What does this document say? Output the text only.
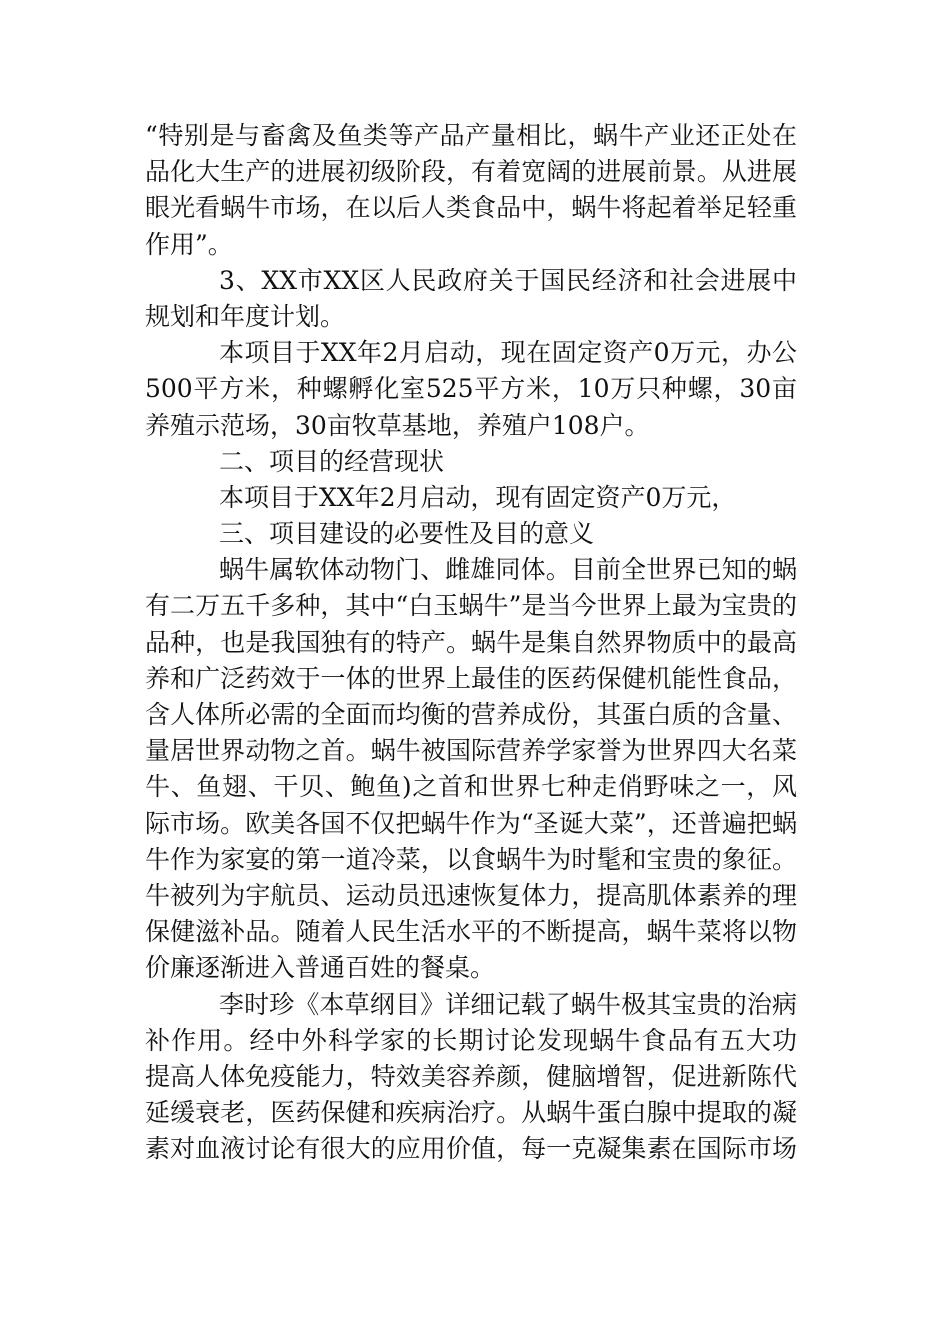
“特别是与畜禽及鱼类等产品产量相比，蜗牛产业还正处在
品化大生产的进展初级阶段，有着宽阔的进展前景。从进展
眼光看蜗牛市场，在以后人类食品中，蜗牛将起着举足轻重
作用”。
3、XX市XX区人民政府关于国民经济和社会进展中
规划和年度计划。
本项目于XX年2月启动，现在固定资产0万元，办公
500平方米，种螺孵化室525平方米，10万只种螺，30亩
养殖示范场，30亩牧草基地，养殖户108户。
二、项目的经营现状
本项目于XX年2月启动，现有固定资产0万元，
三、项目建设的必要性及目的意义
蜗牛属软体动物门、雌雄同体。目前全世界已知的蜗
有二万五千多种，其中“白玉蜗牛”是当今世界上最为宝贵的
品种，也是我国独有的特产。蜗牛是集自然界物质中的最高
养和广泛药效于一体的世界上最佳的医药保健机能性食品，
含人体所必需的全面而均衡的营养成份，其蛋白质的含量、
量居世界动物之首。蜗牛被国际营养学家誉为世界四大名菜
牛、鱼翅、干贝、鲍鱼)之首和世界七种走俏野味之一，风
际市场。欧美各国不仅把蜗牛作为“圣诞大菜”，还普遍把蜗
牛作为家宴的第一道冷菜，以食蜗牛为时髦和宝贵的象征。
牛被列为宇航员、运动员迅速恢复体力，提高肌体素养的理
保健滋补品。随着人民生活水平的不断提高，蜗牛菜将以物
价廉逐渐进入普通百姓的餐桌。
李时珍《本草纲目》详细记载了蜗牛极其宝贵的治病
补作用。经中外科学家的长期讨论发现蜗牛食品有五大功
提高人体免疫能力，特效美容养颜，健脑增智，促进新陈代
延缓衰老，医药保健和疾病治疗。从蜗牛蛋白腺中提取的凝
素对血液讨论有很大的应用价值，每一克凝集素在国际市场
